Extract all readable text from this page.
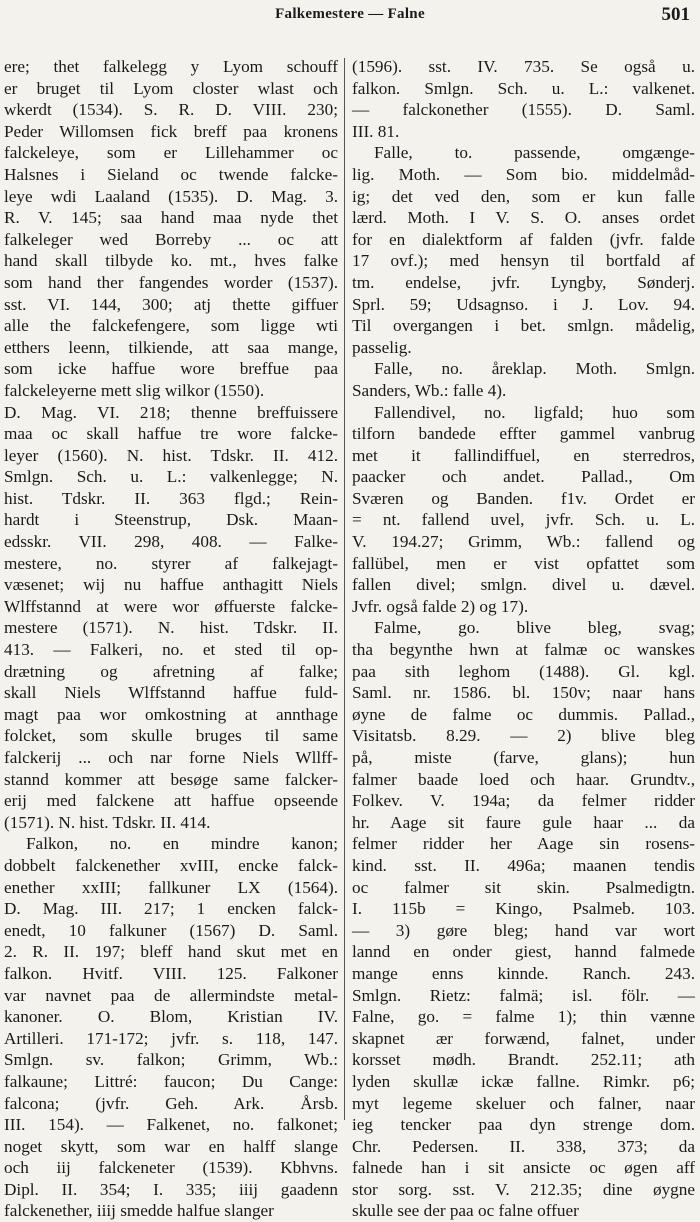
Falkemestere — Falne	501
ere; thet falkelegg y Lyom schouff
er bruget til Lyom closter wlast och
wkerdt (1534). S. R. D. VIII. 230;
Peder Willomsen fick breff paa kronens
falckeleye, som er Lillehammer oc
Halsnes i Sieland oc twende falcke-
leye wdi Laaland (1535). D. Mag. 3.
R. V. 145; saa hand maa nyde thet
falkeleger wed Borreby ... oc att
hand skall tilbyde ko. mt., hves falke
som hand ther fangendes worder (1537).
sst. VI. 144, 300; atj thette giffuer
alle the falckefengere, som ligge wti
etthers leenn, tilkiende, att saa mange,
som icke haffue wore breffue paa
falckeleyerne mett slig wilkor (1550).
D. Mag. VI. 218; thenne breffuissere
maa oc skall haffue tre wore falcke-
leyer (1560). N. hist. Tdskr. II. 412.
Smlgn. Sch. u. L.: valkenlegge; N.
hist. Tdskr. II. 363 flgd.; Rein-
hardt i Steenstrup, Dsk. Maan-
edsskr. VII. 298, 408. — Falke-
mestere, no. styrer af falkejagt-
væsenet; wij nu haffue anthagitt Niels
Wlffstannd at were wor øffuerste falcke-
mestere (1571). N. hist. Tdskr. II.
413. — Falkeri, no. et sted til op-
drætning og afretning af falke;
skall Niels Wlffstannd haffue fuld-
magt paa wor omkostning at annthage
folcket, som skulle bruges til same
falckerij ... och nar forne Niels Wllff-
stannd kommer att besøge same falcker-
erij med falckene att haffue opseende
(1571). N. hist. Tdskr. II. 414.
Falkon, no. en mindre kanon;
dobbelt falckenether xvIII, encke falck-
enether xxIII; fallkuner LX (1564).
D. Mag. III. 217; 1 encken falck-
enedt, 10 falkuner (1567) D. Saml.
2. R. II. 197; bleff hand skut met en
falkon. Hvitf. VIII. 125. Falkoner
var navnet paa de allermindste metal-
kanoner. O. Blom, Kristian IV.
Artilleri. 171-172; jvfr. s. 118, 147.
Smlgn. sv. falkon; Grimm, Wb.:
falkaune; Littré: faucon; Du Cange:
falcona; (jvfr. Geh. Ark. Årsb.
III. 154). — Falkenet, no. falkonet;
noget skytt, som war en halff slange
och iij falckeneter (1539). Kbhvns.
Dipl. II. 354; I. 335; iiij gaadenn
falckenether, iiij smedde halfue slanger
(1596). sst. IV. 735. Se også u.
falkon. Smlgn. Sch. u. L.: valkenet.
— falckonether (1555). D. Saml.
III. 81.
Falle, to. passende, omgænge-
lig. Moth. — Som bio. middelmåd-
ig; det ved den, som er kun falle
lærd. Moth. I V. S. O. anses ordet
for en dialektform af falden (jvfr. falde
17 ovf.); med hensyn til bortfald af
tm. endelse, jvfr. Lyngby, Sønderj.
Sprl. 59; Udsagnso. i J. Lov. 94.
Til overgangen i bet. smlgn. mådelig,
passelig.
Falle, no. åreklap. Moth. Smlgn.
Sanders, Wb.: falle 4).
Fallendivel, no. ligfald; huo som
tilforn bandede effter gammel vanbrug
met it fallindiffuel, en sterredros,
paacker och andet. Pallad., Om
Sværen og Banden. f1v. Ordet er
= nt. fallend uvel, jvfr. Sch. u. L.
V. 194.27; Grimm, Wb.: fallend og
fallübel, men er vist opfattet som
fallen divel; smlgn. divel u. dævel.
Jvfr. også falde 2) og 17).
Falme, go. blive bleg, svag;
tha begynthe hwn at falmæ oc wanskes
paa sith leghom (1488). Gl. kgl.
Saml. nr. 1586. bl. 150v; naar hans
øyne de falme oc dummis. Pallad.,
Visitatsb. 8.29. — 2) blive bleg
på, miste (farve, glans); hun
falmer baade loed och haar. Grundtv.,
Folkev. V. 194a; da felmer ridder
hr. Aage sit faure gule haar ... da
felmer ridder her Aage sin rosens-
kind. sst. II. 496a; maanen tendis
oc falmer sit skin. Psalmedigtn.
I. 115b = Kingo, Psalmeb. 103.
— 3) gøre bleg; hand var wort
lannd en onder giest, hannd falmede
mange enns kinnde. Ranch. 243.
Smlgn. Rietz: falmä; isl. fölr. —
Falne, go. = falme 1); thin vænne
skapnet ær forwænd, falnet, under
korsset mødh. Brandt. 252.11; ath
lyden skullæ ickæ fallne. Rimkr. p6;
myt legeme skeluer och falner, naar
ieg tencker paa dyn strenge dom.
Chr. Pedersen. II. 338, 373; da
falnede han i sit ansicte oc øgen aff
stor sorg. sst. V. 212.35; dine øygne
skulle see der paa oc falne offuer
